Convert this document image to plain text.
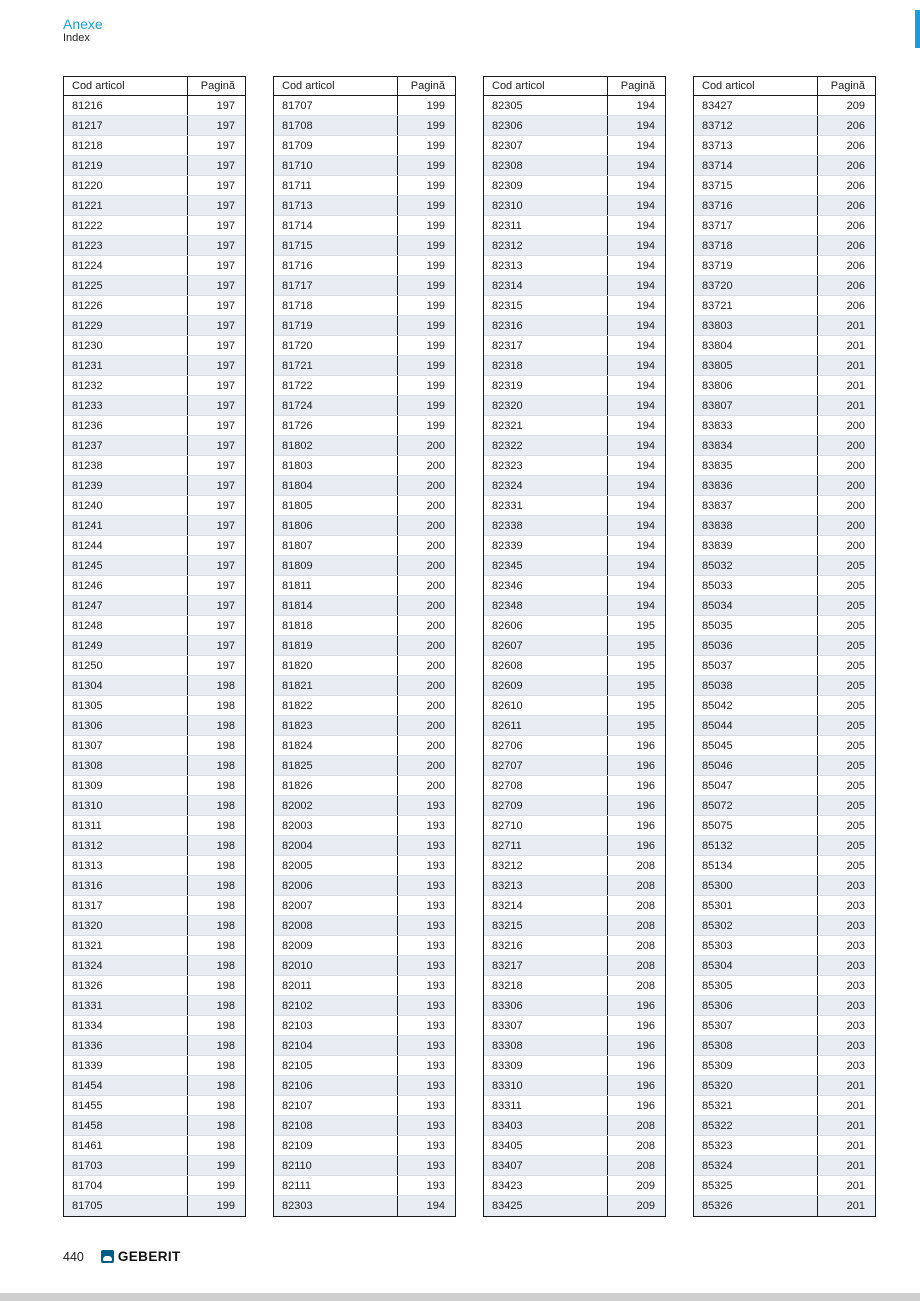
Anexe
Index
Cod articol	Pagină
81216	197
81217	197
81218	197
81219	197
81220	197
81221	197
81222	197
81223	197
81224	197
81225	197
81226	197
81229	197
81230	197
81231	197
81232	197
81233	197
81236	197
81237	197
81238	197
81239	197
81240	197
81241	197
81244	197
81245	197
81246	197
81247	197
81248	197
81249	197
81250	197
81304	198
81305	198
81306	198
81307	198
81308	198
81309	198
81310	198
81311	198
81312	198
81313	198
81316	198
81317	198
81320	198
81321	198
81324	198
81326	198
81331	198
81334	198
81336	198
81339	198
81454	198
81455	198
81458	198
81461	198
81703	199
81704	199
81705	199
Cod articol	Pagină
81707	199
81708	199
81709	199
81710	199
81711	199
81713	199
81714	199
81715	199
81716	199
81717	199
81718	199
81719	199
81720	199
81721	199
81722	199
81724	199
81726	199
81802	200
81803	200
81804	200
81805	200
81806	200
81807	200
81809	200
81811	200
81814	200
81818	200
81819	200
81820	200
81821	200
81822	200
81823	200
81824	200
81825	200
81826	200
82002	193
82003	193
82004	193
82005	193
82006	193
82007	193
82008	193
82009	193
82010	193
82011	193
82102	193
82103	193
82104	193
82105	193
82106	193
82107	193
82108	193
82109	193
82110	193
82111	193
82303	194
Cod articol	Pagină
82305	194
82306	194
82307	194
82308	194
82309	194
82310	194
82311	194
82312	194
82313	194
82314	194
82315	194
82316	194
82317	194
82318	194
82319	194
82320	194
82321	194
82322	194
82323	194
82324	194
82331	194
82338	194
82339	194
82345	194
82346	194
82348	194
82606	195
82607	195
82608	195
82609	195
82610	195
82611	195
82706	196
82707	196
82708	196
82709	196
82710	196
82711	196
83212	208
83213	208
83214	208
83215	208
83216	208
83217	208
83218	208
83306	196
83307	196
83308	196
83309	196
83310	196
83311	196
83403	208
83405	208
83407	208
83423	209
83425	209
Cod articol	Pagină
83427	209
83712	206
83713	206
83714	206
83715	206
83716	206
83717	206
83718	206
83719	206
83720	206
83721	206
83803	201
83804	201
83805	201
83806	201
83807	201
83833	200
83834	200
83835	200
83836	200
83837	200
83838	200
83839	200
85032	205
85033	205
85034	205
85035	205
85036	205
85037	205
85038	205
85042	205
85044	205
85045	205
85046	205
85047	205
85072	205
85075	205
85132	205
85134	205
85300	203
85301	203
85302	203
85303	203
85304	203
85305	203
85306	203
85307	203
85308	203
85309	203
85320	201
85321	201
85322	201
85323	201
85324	201
85325	201
85326	201
440	GEBERIT
